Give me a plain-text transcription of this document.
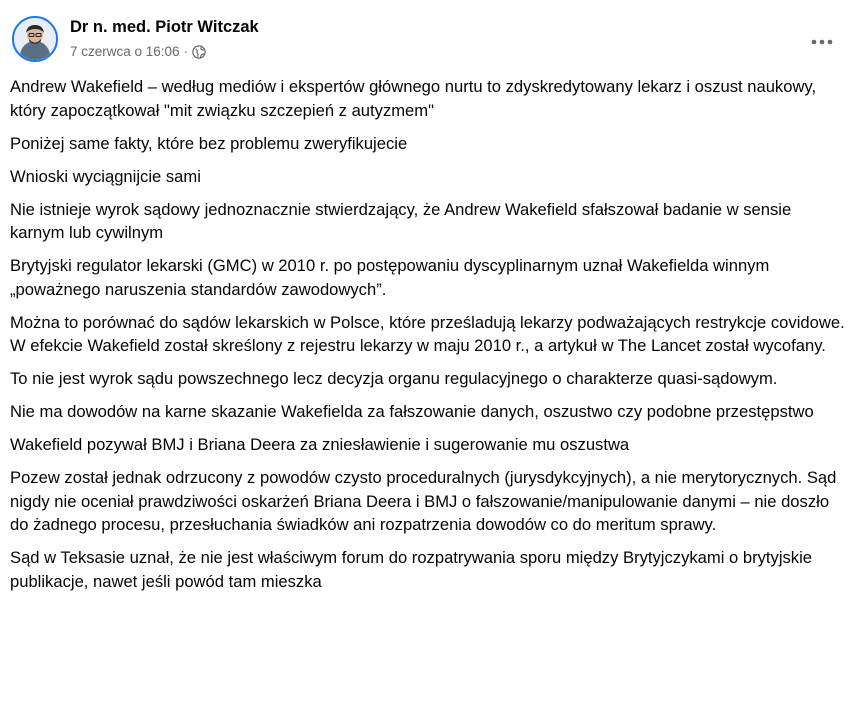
Dr n. med. Piotr Witczak
7 czerwca o 16:06 ·

Andrew Wakefield – według mediów i ekspertów głównego nurtu to zdyskredytowany lekarz i oszust naukowy, który zapoczątkował "mit związku szczepień z autyzmem"

Poniżej same fakty, które bez problemu zweryfikujecie

Wnioski wyciągnijcie sami

Nie istnieje wyrok sądowy jednoznacznie stwierdzający, że Andrew Wakefield sfałszował badanie w sensie karnym lub cywilnym

Brytyjski regulator lekarski (GMC) w 2010 r. po postępowaniu dyscyplinarnym uznał Wakefielda winnym „poważnego naruszenia standardów zawodowych”.

Można to porównać do sądów lekarskich w Polsce, które prześladują lekarzy podważających restrykcje covidowe. W efekcie Wakefield został skreślony z rejestru lekarzy w maju 2010 r., a artykuł w The Lancet został wycofany.

To nie jest wyrok sądu powszechnego lecz decyzja organu regulacyjnego o charakterze quasi-sądowym.

Nie ma dowodów na karne skazanie Wakefielda za fałszowanie danych, oszustwo czy podobne przestępstwo

Wakefield pozywał BMJ i Briana Deera za zniesławienie i sugerowanie mu oszustwa

Pozew został jednak odrzucony z powodów czysto proceduralnych (jurysdykcyjnych), a nie merytorycznych. Sąd nigdy nie oceniał prawdziwości oskarżeń Briana Deera i BMJ o fałszowanie/manipulowanie danymi – nie doszło do żadnego procesu, przesłuchania świadków ani rozpatrzenia dowodów co do meritum sprawy.

Sąd w Teksasie uznał, że nie jest właściwym forum do rozpatrywania sporu między Brytyjczykami o brytyjskie publikacje, nawet jeśli powód tam mieszka
